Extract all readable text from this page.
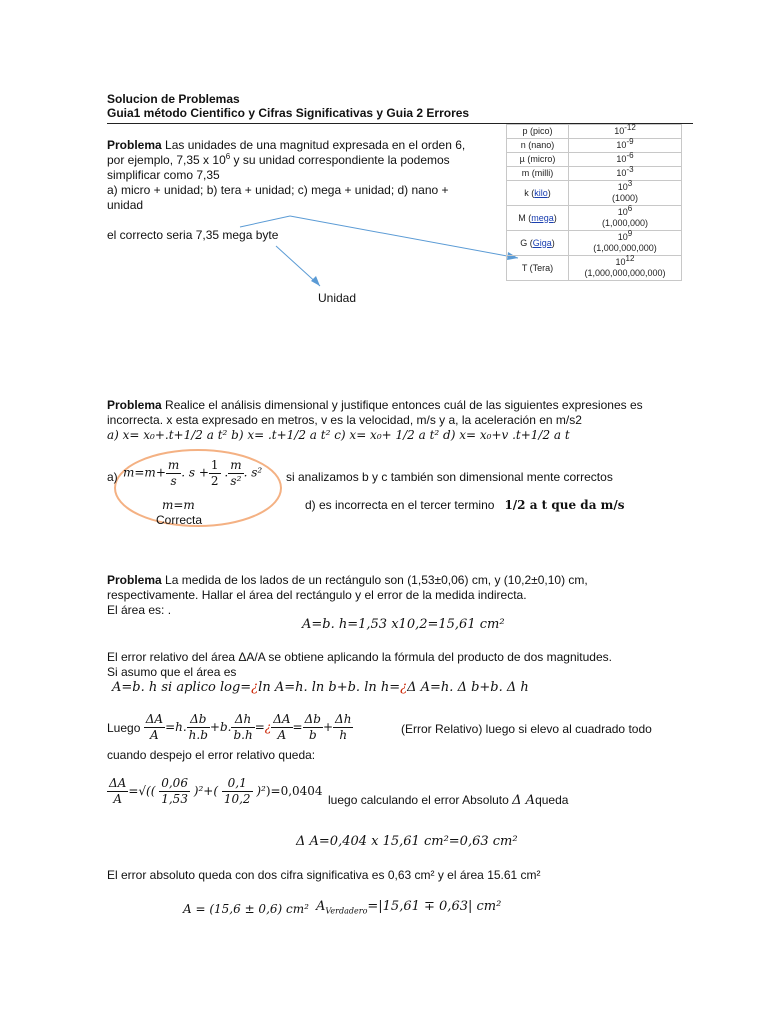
Solucion de Problemas
Guia1 método Cientifico y Cifras Significativas y Guia 2 Errores
Problema Las unidades de una magnitud expresada en el orden 6,
por ejemplo, 7,35 x $10^6$ y su unidad correspondiente la podemos
simplificar como 7,35
a) micro + unidad; b) tera + unidad; c) mega + unidad; d) nano +
unidad
el correcto seria 7,35 mega byte
Unidad
p (pico)	$10^{-12}$
n (nano)	$10^{-9}$
µ (micro)	$10^{-6}$
m (milli)	$10^{-3}$
k (kilo)	$10^3$
(1000)
M (mega)	$10^6$
(1,000,000)
G (Giga)	$10^9$
(1,000,000,000)
T (Tera)	$10^{12}$
(1,000,000,000,000)
Problema Realice el análisis dimensional y justifique entonces cuál de las siguientes expresiones es
incorrecta. x esta expresado en metros, v es la velocidad, m/s y a, la aceleración en m/s2
a) x= x₀+.t+1/2 a t² b) x= .t+1/2 a t² c) x= x₀+ 1/2 a t² d) x= x₀+v .t+1/2 a t
a) $m=m+ \frac{m}{s}$ . $s + \frac{1}{2}$ . $\frac{m}{\text{s²}}$ . s²
m=m
Correcta
si analizamos b y c también son dimensional mente correctos
d) es incorrecta en el tercer termino 1/2 a t que da m/s
Problema La medida de los lados de un rectángulo son (1,53±0,06) cm, y (10,2±0,10) cm,
respectivamente. Hallar el área del rectángulo y el error de la medida indirecta.
El área es: .
A=b. h=1,53 x10,2=15,61 cm²
El error relativo del área ΔA/A se obtiene aplicando la fórmula del producto de dos magnitudes.
Si asumo que el área es
A=b. h si aplico log=¿ln A=h. ln b+b. ln h=¿Δ A=h. Δ b+b. Δ h
Luego $\frac{\Delta A}{A} =h$. $\frac{\Delta b}{h.b} +b$. $\frac{\Delta h}{b.h}$ =¿ $\frac{\Delta A}{A} = \frac{\Delta b}{b} + \frac{\Delta h}{h}$	(Error Relativo) luego si elevo al cuadrado todo
cuando despejo el error relativo queda:
$\frac{\Delta A}{A}$ =√(( $\frac{0,06}{1,53} )^2+( \frac{0,1}{10,2} )^2)=0,0404$
luego calculando el error Absoluto Δ Aqueda
Δ A=0,404 x 15,61 cm²=0,63 cm²
El error absoluto queda con dos cifra significativa es 0,63 cm² y el área 15.61 cm²
A = (15,6 ± 0,6) cm² $A_{Verdadero}=|15,61 \mp 0,63|$ cm²
